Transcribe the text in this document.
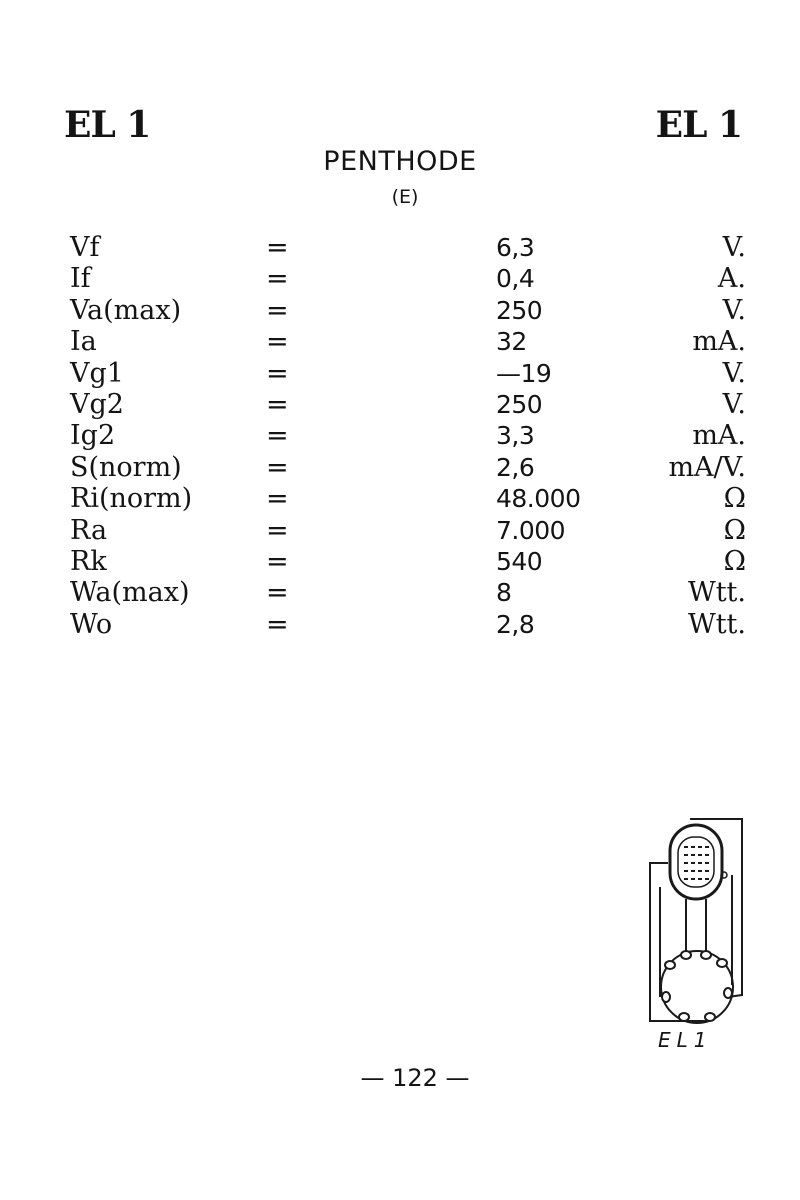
EL 1	EL 1
PENTHODE
(E)
Vf	=	6,3	V.
If	=	0,4	A.
Va(max)	=	250	V.
Ia	=	32	mA.
Vg1	=	—19	V.
Vg2	=	250	V.
Ig2	=	3,3	mA.
S(norm)	=	2,6	mA/V.
Ri(norm)	=	48.000	Ω
Ra	=	7.000	Ω
Rk	=	540	Ω
Wa(max)	=	8	Wtt.
Wo	=	2,8	Wtt.
EL1
— 122 —
